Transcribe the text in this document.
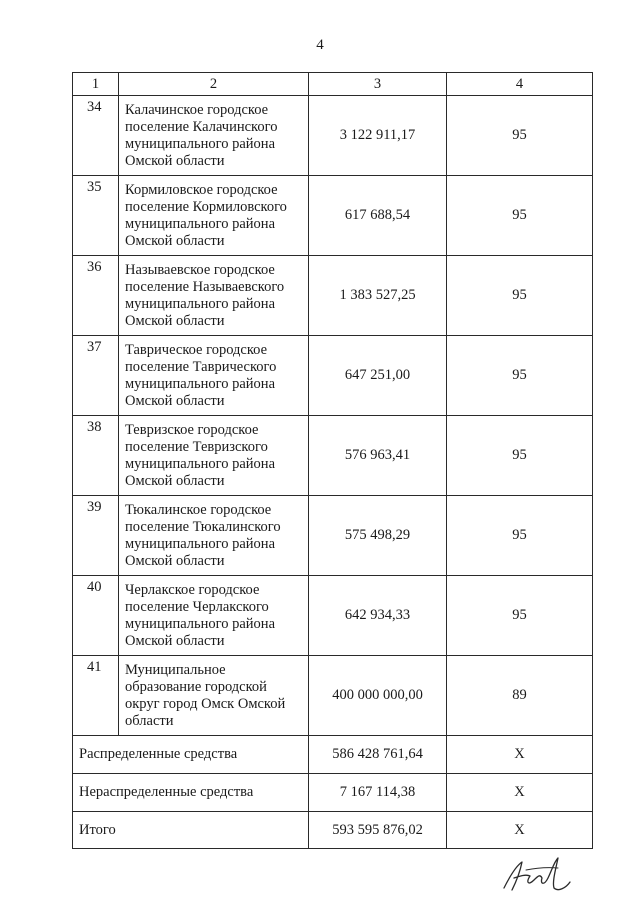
4
1	2	3	4
34	Калачинское городское поселение Калачинского муниципального района Омской области	3 122 911,17	95
35	Кормиловское городское поселение Кормиловского муниципального района Омской области	617 688,54	95
36	Называевское городское поселение Называевского муниципального района Омской области	1 383 527,25	95
37	Таврическое городское поселение Таврического муниципального района Омской области	647 251,00	95
38	Тевризское городское поселение Тевризского муниципального района Омской области	576 963,41	95
39	Тюкалинское городское поселение Тюкалинского муниципального района Омской области	575 498,29	95
40	Черлакское городское поселение Черлакского муниципального района Омской области	642 934,33	95
41	Муниципальное образование городской округ город Омск Омской области	400 000 000,00	89
Распределенные средства		586 428 761,64	Х
Нераспределенные средства		7 167 114,38	Х
Итого		593 595 876,02	Х
